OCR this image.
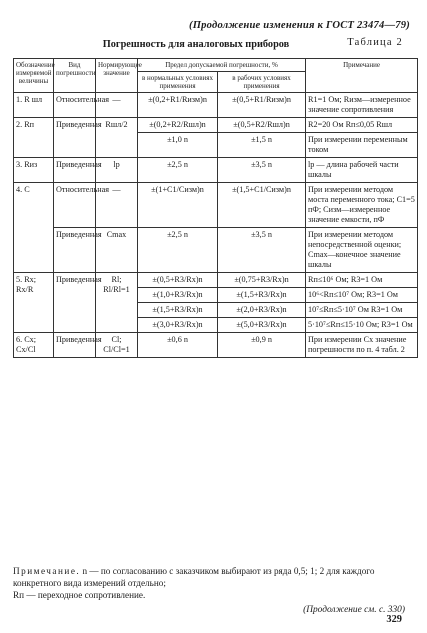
(Продолжение изменения к ГОСТ 23474—79)
Погрешность для аналоговых приборов	Таблица 2
Обозначение измеряемой величины	Вид погрешности	Нормирующее значение	Предел допускаемой погрешности, %		Примечание
			в нормальных условиях применения	в рабочих условиях применения	
1. R шл	Относительная	—	±(0,2+R1/Rизм)n	±(0,5+R1/Rизм)n	R1=1 Ом; Rизм—измеренное значение сопротивления
2. Rп	Приведенная	Rшл/2	±(0,2+R2/Rшл)n	±(0,5+R2/Rшл)n	R2=20 Ом Rп≤0,05 Rшл
			±1,0 n	±1,5 n	При измерении переменным током
3. Rиз	Приведенная	lр	±2,5 n	±3,5 n	lр — длина рабочей части шкалы
4. C	Относительная	—	±(1+C1/Cизм)n	±(1,5+C1/Cизм)n	При измерении методом моста переменного тока; C1=5 пФ; Cизм—измеренное значение емкости, пФ
	Приведенная	Cmax	±2,5 n	±3,5 n	При измерении методом непосредственной оценки; Cmax—конечное значение шкалы
5. Rх; Rх/R	Приведенная	Rl; Rl/Rl=1	±(0,5+R3/Rх)n	±(0,75+R3/Rх)n	Rп≤10⁶ Ом; R3=1 Ом
			±(1,0+R3/Rх)n	±(1,5+R3/Rх)n	10⁶<Rп≤10⁷ Ом; R3=1 Ом
			±(1,5+R3/Rх)n	±(2,0+R3/Rх)n	10⁷≤Rп≤5·10⁷ Ом R3=1 Ом
			±(3,0+R3/Rх)n	±(5,0+R3/Rх)n	5·10⁷≤Rп≤15·10 Ом; R3=1 Ом
6. Cх; Cх/Cl	Приведенная	Cl; Cl/Cl=1	±0,6 n	±0,9 n	При измерении Cх значение погрешности по п. 4 табл. 2
Примечание. n — по согласованию с заказчиком выбирают из ряда 0,5; 1; 2 для каждого конкретного вида измерений отдельно;
Rп — переходное сопротивление.
(Продолжение см. с. 330)
329
